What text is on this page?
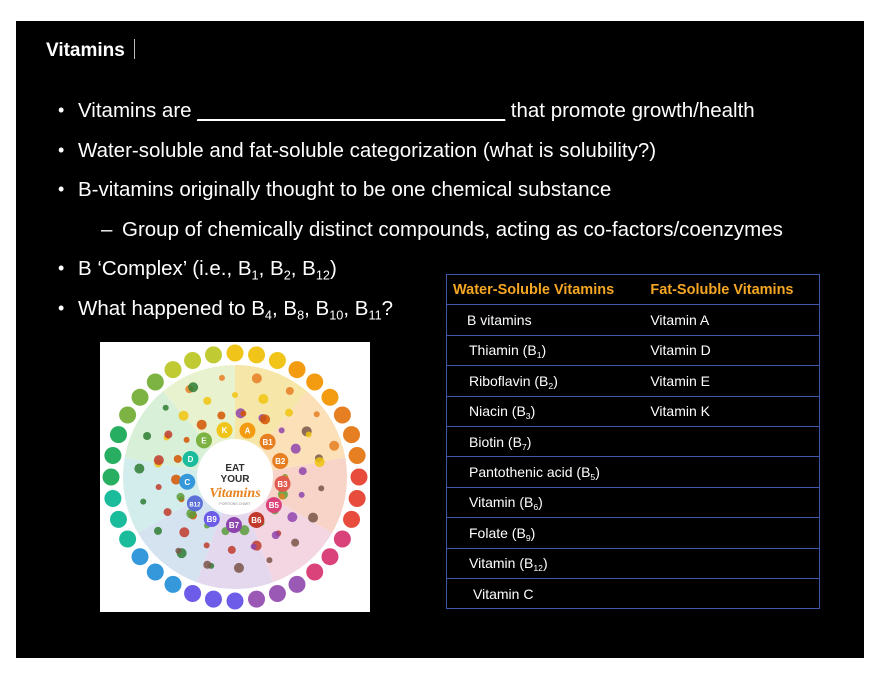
Vitamins
• Vitamins are ___________________________ that promote growth/health
• Water-soluble and fat-soluble categorization (what is solubility?)
• B-vitamins originally thought to be one chemical substance
– Group of chemically distinct compounds, acting as co-factors/coenzymes
• B ‘Complex’ (i.e., $B_1$, $B_2$, $B_{12}$)
• What happened to $B_4$, $B_8$, $B_{10}$, $B_{11}$?
K A
B1
B2
B3
B5
B6
B7
B9
B12
C
D
E
EAT
YOUR
Vitamins
PORTIONS CHART
Water-Soluble Vitamins	Fat-Soluble Vitamins
B vitamins	Vitamin A
Thiamin $(B_1)$	Vitamin D
Riboflavin $(B_2)$	Vitamin E
Niacin $(B_3)$	Vitamin K
Biotin $(B_7)$	
Pantothenic acid $(B_5)$	
Vitamin $(B_6)$	
Folate $(B_9)$	
Vitamin $(B_{12})$	
Vitamin C	
